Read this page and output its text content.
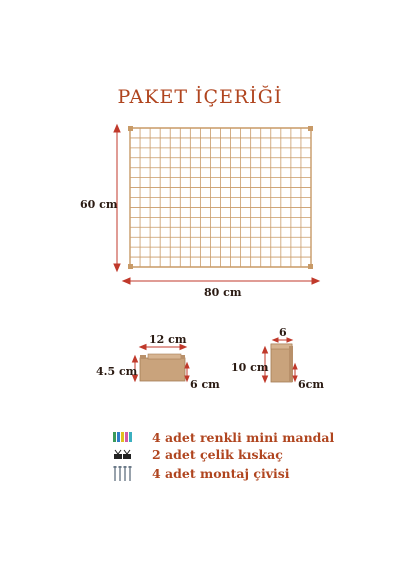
PAKET İÇERİĞİ
60 cm
80 cm
12 cm
4.5 cm
6 cm
6
10 cm
6cm
4 adet renkli mini mandal
2 adet çelik kıskaç
4 adet montaj çivisi
